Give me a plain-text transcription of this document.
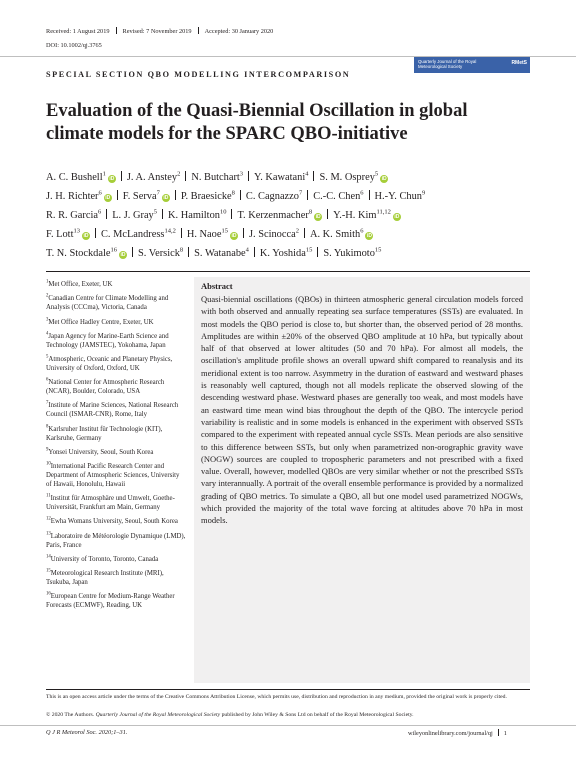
Received: 1 August 2019 Revised: 7 November 2019 Accepted: 30 January 2020
DOI: 10.1002/qj.3765
Quarterly Journal of the Royal Meteorological Society
RMetS
SPECIAL SECTION QBO MODELLING INTERCOMPARISON
Evaluation of the Quasi-Biennial Oscillation in global climate models for the SPARC QBO-initiative
A. C. Bushell$^1$iD J. A. Anstey$^2$ N. Butchart$^3$ Y. Kawatani$^4$ S. M. Osprey$^5$iD
J. H. Richter$^6$iD F. Serva$^7$iD P. Braesicke$^8$ C. Cagnazzo$^7$ C.-C. Chen$^6$ H.-Y. Chun$^9$
R. R. Garcia$^6$ L. J. Gray$^5$ K. Hamilton$^{10}$ T. Kerzenmacher$^8$iD Y.-H. Kim$^{11,12}$iD
F. Lott$^{13}$iD C. McLandress$^{14,2}$ H. Naoe$^{15}$iD J. Scinocca$^2$ A. K. Smith$^6$iD
T. N. Stockdale$^{16}$iD S. Versick$^8$ S. Watanabe$^4$ K. Yoshida$^{15}$ S. Yukimoto$^{15}$

$^1$Met Office, Exeter, UK

$^2$Canadian Centre for Climate Modelling and Analysis (CCCma), Victoria, Canada

$^3$Met Office Hadley Centre, Exeter, UK

$^4$Japan Agency for Marine-Earth Science and Technology (JAMSTEC), Yokohama, Japan

$^5$Atmospheric, Oceanic and Planetary Physics, University of Oxford, Oxford, UK

$^6$National Center for Atmospheric Research (NCAR), Boulder, Colorado, USA

$^7$Institute of Marine Sciences, National Research Council (ISMAR-CNR), Rome, Italy

$^8$Karlsruher Institut für Technologie (KIT), Karlsruhe, Germany

$^9$Yonsei University, Seoul, South Korea

$^{10}$International Pacific Research Center and Department of Atmospheric Sciences, University of Hawaii, Honolulu, Hawaii

$^{11}$Institut für Atmosphäre und Umwelt, Goethe-Universität, Frankfurt am Main, Germany

$^{12}$Ewha Womans University, Seoul, South Korea

$^{13}$Laboratoire de Météorologie Dynamique (LMD), Paris, France

$^{14}$University of Toronto, Toronto, Canada

$^{15}$Meteorological Research Institute (MRI), Tsukuba, Japan

$^{16}$European Centre for Medium-Range Weather Forecasts (ECMWF), Reading, UK

Abstract
Quasi-biennial oscillations (QBOs) in thirteen atmospheric general circulation models forced with both observed and annually repeating sea surface temperatures (SSTs) are evaluated. In most models the QBO period is close to, but shorter than, the observed period of 28 months. Amplitudes are within ±20% of the observed QBO amplitude at 10 hPa, but typically about half of that observed at lower altitudes (50 and 70 hPa). For almost all models, the oscillation's amplitude profile shows an overall upward shift compared to reanalysis and its meridional extent is too narrow. Asymmetry in the duration of eastward and westward phases is reasonably well captured, though not all models replicate the observed slowing of the descending westward phase. Westward phases are generally too weak, and most models have an eastward time mean wind bias throughout the depth of the QBO. The intercycle period variability is realistic and in some models is enhanced in the experiment with observed SSTs compared to the experiment with repeated annual cycle SSTs. Mean periods are also sensitive to this difference between SSTs, but only when parametrized non-orographic gravity wave (NOGW) sources are coupled to tropospheric parameters and not prescribed with a fixed value. Overall, however, modelled QBOs are very similar whether or not the prescribed SSTs vary interannually. A portrait of the overall ensemble performance is provided by a normalized grading of QBO metrics. To simulate a QBO, all but one model used parametrized NOGWs, which provided the majority of the total wave forcing at altitudes above 70 hPa in most models.
This is an open access article under the terms of the Creative Commons Attribution License, which permits use, distribution and reproduction in any medium, provided the original work is properly cited.
© 2020 The Authors. Quarterly Journal of the Royal Meteorological Society published by John Wiley & Sons Ltd on behalf of the Royal Meteorological Society.
Q J R Meteorol Soc. 2020;1–31.	wileyonlinelibrary.com/journal/qj 1
